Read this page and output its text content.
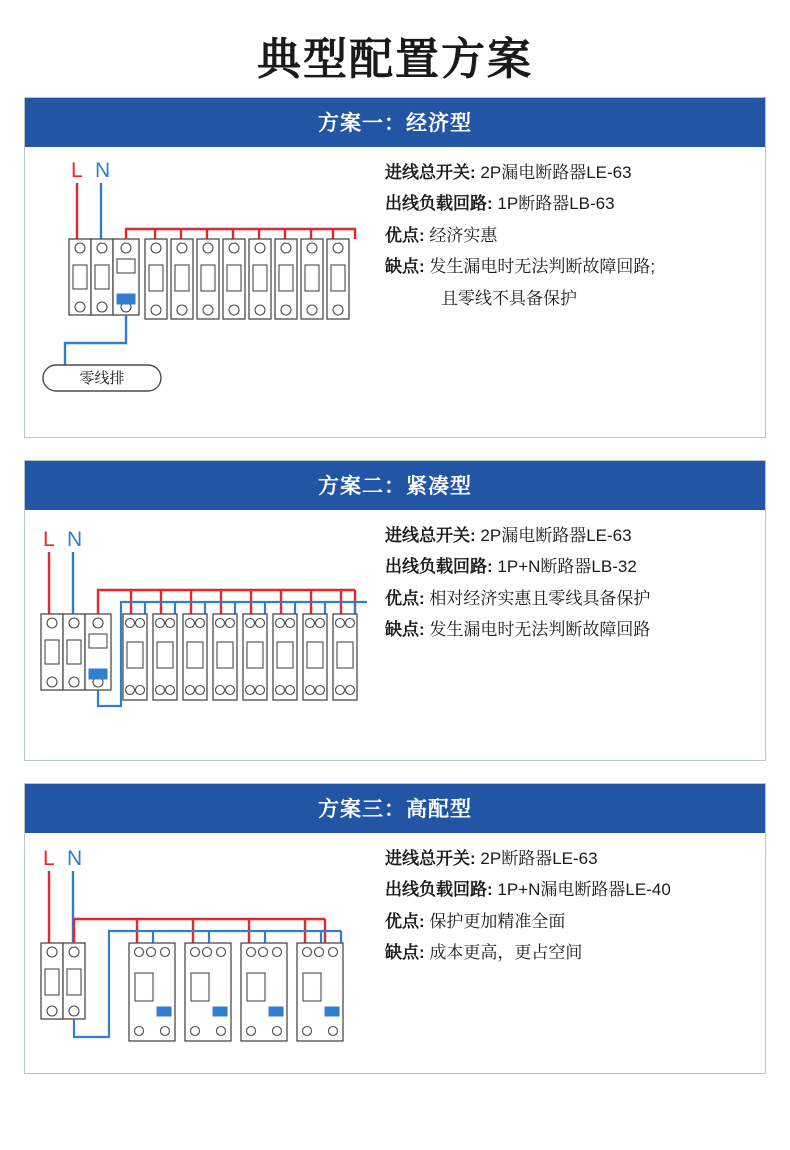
典型配置方案
方案一：经济型
L N
零线排
进线总开关: 2P漏电断路器LE-63
出线负载回路: 1P断路器LB-63
优点: 经济实惠
缺点: 发生漏电时无法判断故障回路;
且零线不具备保护
方案二：紧凑型
L N	进线总开关: 2P漏电断路器LE-63
出线负载回路: 1P+N断路器LB-32
优点: 相对经济实惠且零线具备保护
缺点: 发生漏电时无法判断故障回路
方案三：高配型
L N	进线总开关: 2P断路器LE-63
出线负载回路: 1P+N漏电断路器LE-40
优点: 保护更加精准全面
缺点: 成本更高，更占空间
